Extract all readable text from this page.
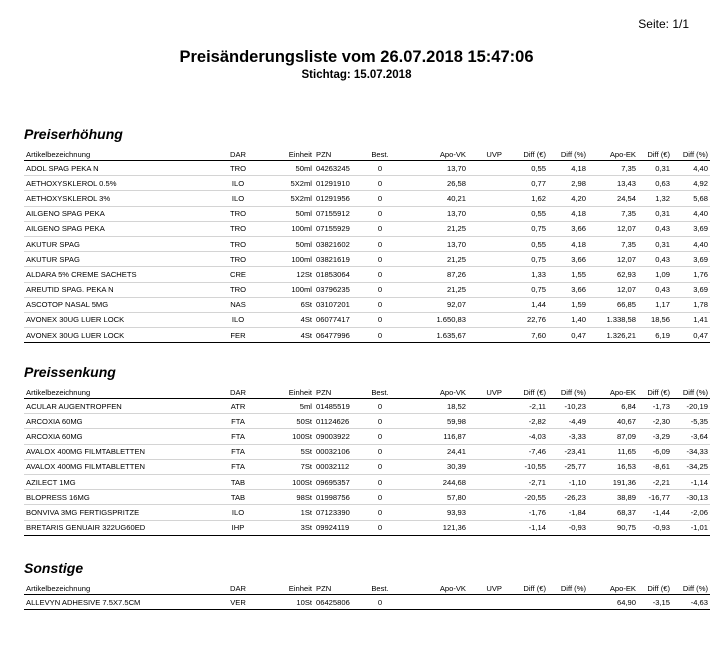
Seite: 1/1
Preisänderungsliste vom 26.07.2018 15:47:06
Stichtag: 15.07.2018
Preiserhöhung
Artikelbezeichnung	DAR	Einheit	PZN	Best.	Apo-VK	UVP	Diff (€)	Diff (%)	Apo-EK	Diff (€)	Diff (%)
ADOL SPAG PEKA N	TRO	50ml	04263245	0	13,70		0,55	4,18	7,35	0,31	4,40
AETHOXYSKLEROL 0.5%	ILO	5X2ml	01291910	0	26,58		0,77	2,98	13,43	0,63	4,92
AETHOXYSKLEROL 3%	ILO	5X2ml	01291956	0	40,21		1,62	4,20	24,54	1,32	5,68
AILGENO SPAG PEKA	TRO	50ml	07155912	0	13,70		0,55	4,18	7,35	0,31	4,40
AILGENO SPAG PEKA	TRO	100ml	07155929	0	21,25		0,75	3,66	12,07	0,43	3,69
AKUTUR SPAG	TRO	50ml	03821602	0	13,70		0,55	4,18	7,35	0,31	4,40
AKUTUR SPAG	TRO	100ml	03821619	0	21,25		0,75	3,66	12,07	0,43	3,69
ALDARA 5% CREME SACHETS	CRE	12St	01853064	0	87,26		1,33	1,55	62,93	1,09	1,76
AREUTID SPAG. PEKA N	TRO	100ml	03796235	0	21,25		0,75	3,66	12,07	0,43	3,69
ASCOTOP NASAL 5MG	NAS	6St	03107201	0	92,07		1,44	1,59	66,85	1,17	1,78
AVONEX 30UG LUER LOCK	ILO	4St	06077417	0	1.650,83		22,76	1,40	1.338,58	18,56	1,41
AVONEX 30UG LUER LOCK	FER	4St	06477996	0	1.635,67		7,60	0,47	1.326,21	6,19	0,47
Preissenkung
Artikelbezeichnung	DAR	Einheit	PZN	Best.	Apo-VK	UVP	Diff (€)	Diff (%)	Apo-EK	Diff (€)	Diff (%)
ACULAR AUGENTROPFEN	ATR	5ml	01485519	0	18,52		-2,11	-10,23	6,84	-1,73	-20,19
ARCOXIA 60MG	FTA	50St	01124626	0	59,98		-2,82	-4,49	40,67	-2,30	-5,35
ARCOXIA 60MG	FTA	100St	09003922	0	116,87		-4,03	-3,33	87,09	-3,29	-3,64
AVALOX 400MG FILMTABLETTEN	FTA	5St	00032106	0	24,41		-7,46	-23,41	11,65	-6,09	-34,33
AVALOX 400MG FILMTABLETTEN	FTA	7St	00032112	0	30,39		-10,55	-25,77	16,53	-8,61	-34,25
AZILECT 1MG	TAB	100St	09695357	0	244,68		-2,71	-1,10	191,36	-2,21	-1,14
BLOPRESS 16MG	TAB	98St	01998756	0	57,80		-20,55	-26,23	38,89	-16,77	-30,13
BONVIVA 3MG FERTIGSPRITZE	ILO	1St	07123390	0	93,93		-1,76	-1,84	68,37	-1,44	-2,06
BRETARIS GENUAIR 322UG60ED	IHP	3St	09924119	0	121,36		-1,14	-0,93	90,75	-0,93	-1,01
Sonstige
Artikelbezeichnung	DAR	Einheit	PZN	Best.	Apo-VK	UVP	Diff (€)	Diff (%)	Apo-EK	Diff (€)	Diff (%)
ALLEVYN ADHESIVE 7.5X7.5CM	VER	10St	06425806	0					64,90	-3,15	-4,63
